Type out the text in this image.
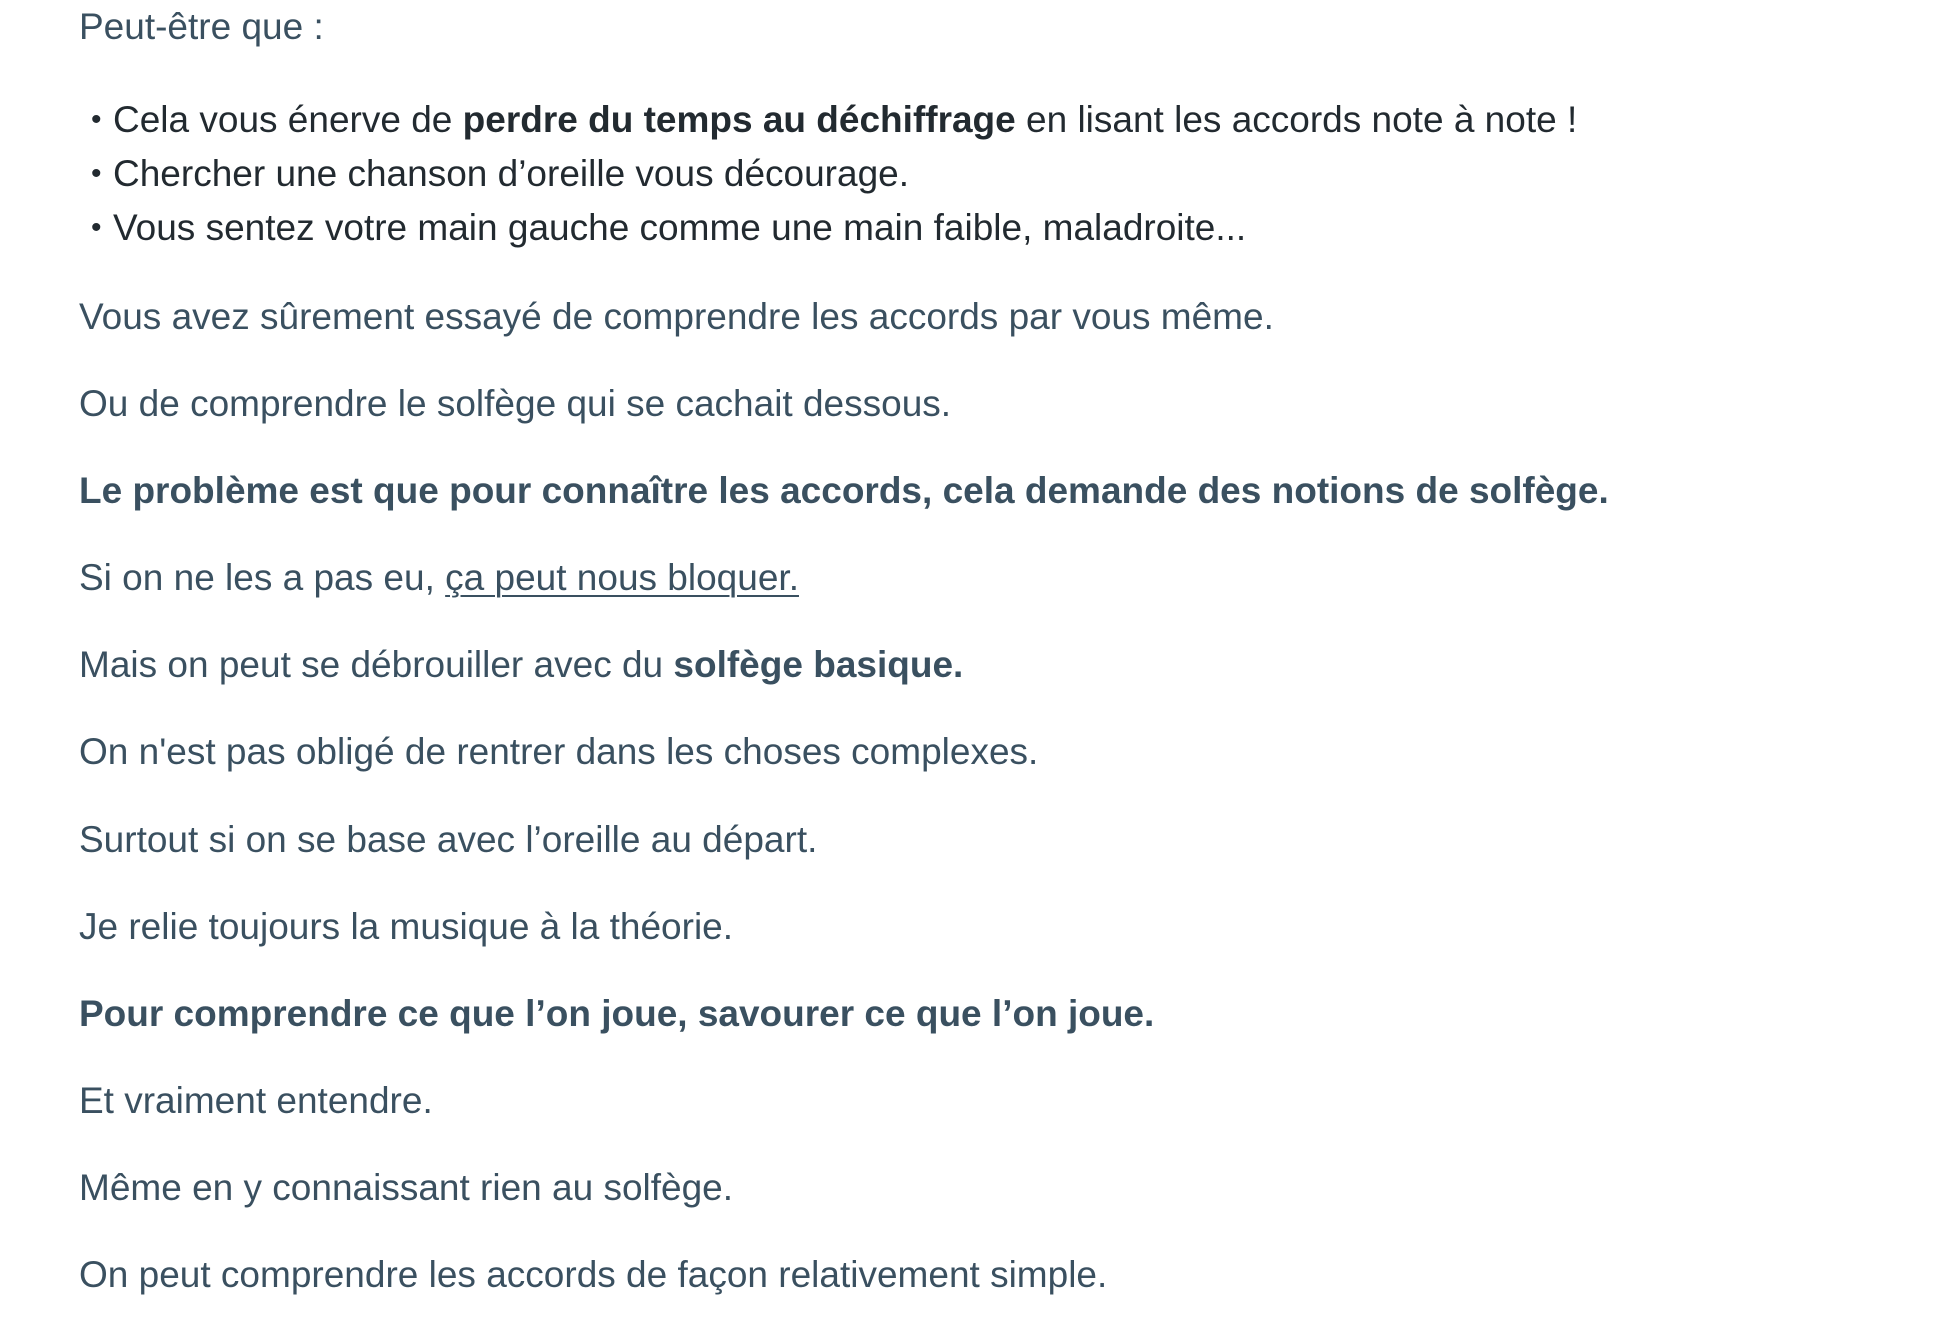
Peut-être que :

• Cela vous énerve de perdre du temps au déchiffrage en lisant les accords note à note !
• Chercher une chanson d’oreille vous décourage.
• Vous sentez votre main gauche comme une main faible, maladroite...

Vous avez sûrement essayé de comprendre les accords par vous même.

Ou de comprendre le solfège qui se cachait dessous.

Le problème est que pour connaître les accords, cela demande des notions de solfège.

Si on ne les a pas eu, ça peut nous bloquer.

Mais on peut se débrouiller avec du solfège basique.

On n'est pas obligé de rentrer dans les choses complexes.

Surtout si on se base avec l’oreille au départ.

Je relie toujours la musique à la théorie.

Pour comprendre ce que l’on joue, savourer ce que l’on joue.

Et vraiment entendre.

Même en y connaissant rien au solfège.

On peut comprendre les accords de façon relativement simple.
